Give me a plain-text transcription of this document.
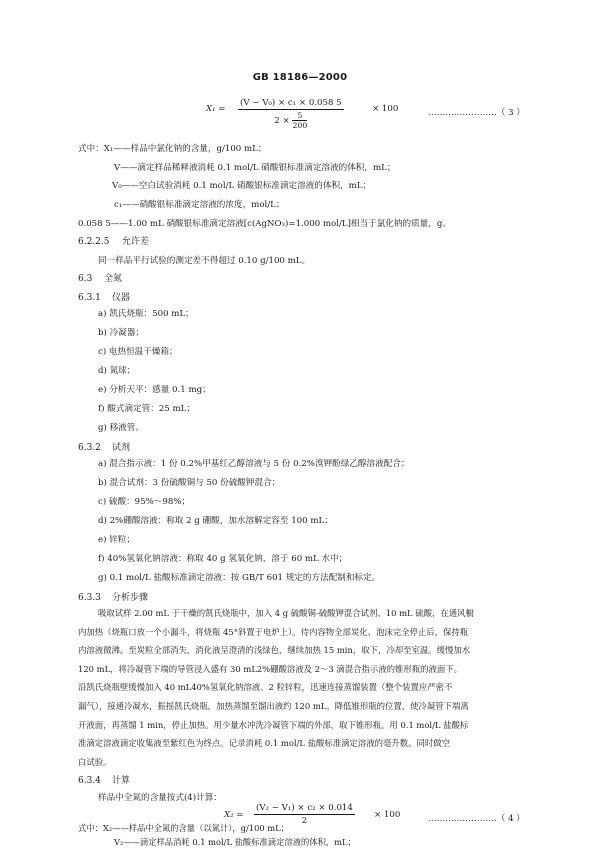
GB 18186—2000
$X_1 = \frac{\text{(V − V₀) × c₁ × 0.058 5}}{2 \times \frac{5}{200}}$	× 100	……………………（ 3 ）
式中：X₁——样品中氯化钠的含量，g/100 mL；
V——滴定样品稀释液消耗 0.1 mol/L 硝酸银标准滴定溶液的体积，mL；
V₀——空白试验消耗 0.1 mol/L 硝酸银标准滴定溶液的体积，mL；
c₁——硝酸银标准滴定溶液的浓度，mol/L；
0.058 5——1.00 mL 硝酸银标准滴定溶液[c(AgNO₃)=1.000 mol/L]相当于氯化钠的质量，g。
6.2.2.5 允许差
同一样品平行试验的测定差不得超过 0.10 g/100 mL。
6.3 全氮
6.3.1 仪器
a) 凯氏烧瓶：500 mL；
b) 冷凝器；
c) 电热恒温干燥箱；
d) 氮球；
e) 分析天平：感量 0.1 mg；
f) 酸式滴定管：25 mL；
g) 移液管。
6.3.2 试剂
a) 混合指示液：1 份 0.2%甲基红乙醇溶液与 5 份 0.2%溴钾酚绿乙醇溶液配合；
b) 混合试剂：3 份硫酸铜与 50 份硫酸钾混合；
c) 硫酸：95%～98%；
d) 2%硼酸溶液：称取 2 g 硼酸，加水溶解定容至 100 mL；
e) 锌粒；
f) 40%氢氧化钠溶液：称取 40 g 氢氧化钠，溶于 60 mL 水中；
g) 0.1 mol/L 盐酸标准滴定溶液：按 GB/T 601 规定的方法配制和标定。
6.3.3 分析步骤
吸取试样 2.00 mL 于干燥的凯氏烧瓶中，加入 4 g 硫酸铜-硫酸钾混合试剂、10 mL 硫酸，在通风橱
内加热（烧瓶口放一个小漏斗，将烧瓶 45°斜置于电炉上）。待内容物全部炭化、泡沫完全停止后，保持瓶
内溶液微沸。至炭粒全部消失，消化液呈澄清的浅绿色，继续加热 15 min，取下，冷却至室温。缓慢加水
120 mL，将冷凝管下端的导管浸入盛有 30 mL2%硼酸溶液及 2～3 滴混合指示液的锥形瓶的液面下。
沿凯氏烧瓶壁缓慢加入 40 mL40%氢氧化钠溶液、2 粒锌粒，迅速连接蒸馏装置（整个装置应严密不
漏气），接通冷凝水，振摇凯氏烧瓶，加热蒸馏至馏出液约 120 mL。降低锥形瓶的位置，使冷凝管下端离
开液面，再蒸馏 1 min，停止加热。用少量水冲洗冷凝管下端的外部，取下锥形瓶。用 0.1 mol/L 盐酸标
准滴定溶液滴定收集液至紫红色为终点。记录消耗 0.1 mol/L 盐酸标准滴定溶液的毫升数。同时做空
白试验。
6.3.4 计算
样品中全氮的含量按式(4)计算：
$X_2 = \frac{\text{(V₂ − V₁) × c₂ × 0.014}}{2} \times 100$	……………………（ 4 ）
式中：X₂——样品中全氮的含量（以氮计），g/100 mL；
V₂——滴定样品消耗 0.1 mol/L 盐酸标准滴定溶液的体积，mL；
